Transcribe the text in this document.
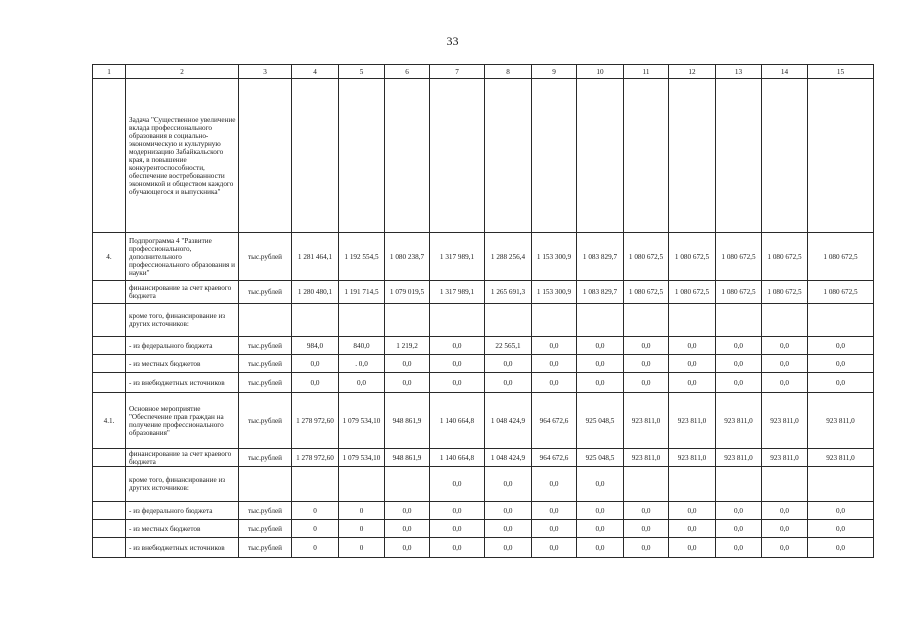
33
1	2	3	4	5	6	7	8	9	10	11	12	13	14	15
	Задача "Существенное увеличение вклада профессионального образования в социально-экономическую и культурную модернизацию Забайкальского края, в повышение конкурентоспособности, обеспечение востребованности экономикой и обществом каждого обучающегося и выпускника"													
4.	Подпрограмма 4 "Развитие профессионального, дополнительного профессионального образования и науки"	тыс.рублей	1 281 464,1	1 192 554,5	1 080 238,7	1 317 989,1	1 288 256,4	1 153 300,9	1 083 829,7	1 080 672,5	1 080 672,5	1 080 672,5	1 080 672,5	1 080 672,5
	финансирование за счет краевого бюджета	тыс.рублей	1 280 480,1	1 191 714,5	1 079 019,5	1 317 989,1	1 265 691,3	1 153 300,9	1 083 829,7	1 080 672,5	1 080 672,5	1 080 672,5	1 080 672,5	1 080 672,5
	кроме того, финансирование из других источников:													
	- из федерального бюджета	тыс.рублей	984,0	840,0	1 219,2	0,0	22 565,1	0,0	0,0	0,0	0,0	0,0	0,0	0,0
	- из местных бюджетов	тыс.рублей	0,0	. 0,0	0,0	0,0	0,0	0,0	0,0	0,0	0,0	0,0	0,0	0,0
	- из внебюджетных источников	тыс.рублей	0,0	0,0	0,0	0,0	0,0	0,0	0,0	0,0	0,0	0,0	0,0	0,0
4.1.	Основное мероприятие "Обеспечение прав граждан на получение профессионального образования"	тыс.рублей	1 278 972,60	1 079 534,10	948 861,9	1 140 664,8	1 048 424,9	964 672,6	925 048,5	923 811,0	923 811,0	923 811,0	923 811,0	923 811,0
	финансирование за счет краевого бюджета	тыс.рублей	1 278 972,60	1 079 534,10	948 861,9	1 140 664,8	1 048 424,9	964 672,6	925 048,5	923 811,0	923 811,0	923 811,0	923 811,0	923 811,0
	кроме того, финансирование из других источников:					0,0	0,0	0,0	0,0					
	- из федерального бюджета	тыс.рублей	0	0	0,0	0,0	0,0	0,0	0,0	0,0	0,0	0,0	0,0	0,0
	- из местных бюджетов	тыс.рублей	0	0	0,0	0,0	0,0	0,0	0,0	0,0	0,0	0,0	0,0	0,0
	- из внебюджетных источников	тыс.рублей	0	0	0,0	0,0	0,0	0,0	0,0	0,0	0,0	0,0	0,0	0,0
